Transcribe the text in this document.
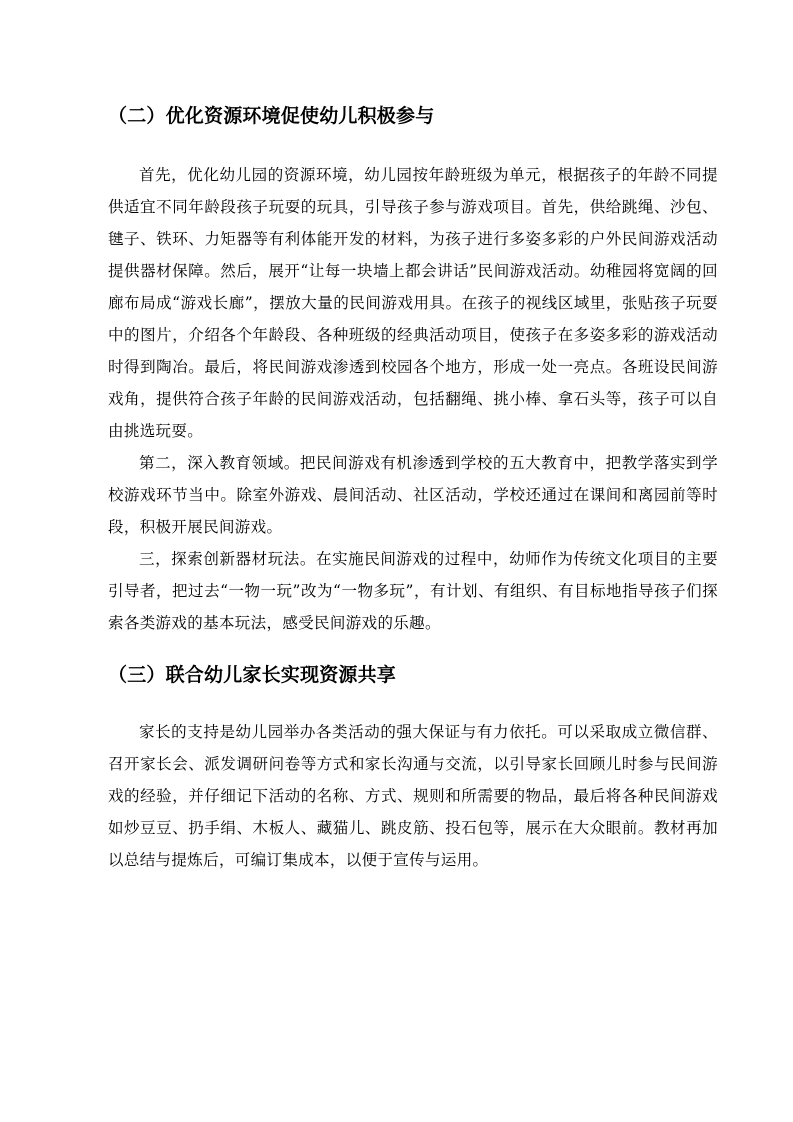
（二）优化资源环境促使幼儿积极参与

首先，优化幼儿园的资源环境，幼儿园按年龄班级为单元，根据孩子的年龄不同提供适宜不同年龄段孩子玩耍的玩具，引导孩子参与游戏项目。首先，供给跳绳、沙包、毽子、铁环、力矩器等有利体能开发的材料，为孩子进行多姿多彩的户外民间游戏活动提供器材保障。然后，展开“让每一块墙上都会讲话”民间游戏活动。幼稚园将宽阔的回廊布局成“游戏长廊”，摆放大量的民间游戏用具。在孩子的视线区域里，张贴孩子玩耍中的图片，介绍各个年龄段、各种班级的经典活动项目，使孩子在多姿多彩的游戏活动时得到陶冶。最后，将民间游戏渗透到校园各个地方，形成一处一亮点。各班设民间游戏角，提供符合孩子年龄的民间游戏活动，包括翻绳、挑小棒、拿石头等，孩子可以自由挑选玩耍。

第二，深入教育领域。把民间游戏有机渗透到学校的五大教育中，把教学落实到学校游戏环节当中。除室外游戏、晨间活动、社区活动，学校还通过在课间和离园前等时段，积极开展民间游戏。

三，探索创新器材玩法。在实施民间游戏的过程中，幼师作为传统文化项目的主要引导者，把过去“一物一玩”改为“一物多玩”，有计划、有组织、有目标地指导孩子们探索各类游戏的基本玩法，感受民间游戏的乐趣。

（三）联合幼儿家长实现资源共享

家长的支持是幼儿园举办各类活动的强大保证与有力依托。可以采取成立微信群、召开家长会、派发调研问卷等方式和家长沟通与交流，以引导家长回顾儿时参与民间游戏的经验，并仔细记下活动的名称、方式、规则和所需要的物品，最后将各种民间游戏如炒豆豆、扔手绢、木板人、藏猫儿、跳皮筋、投石包等，展示在大众眼前。教材再加以总结与提炼后，可编订集成本，以便于宣传与运用。
